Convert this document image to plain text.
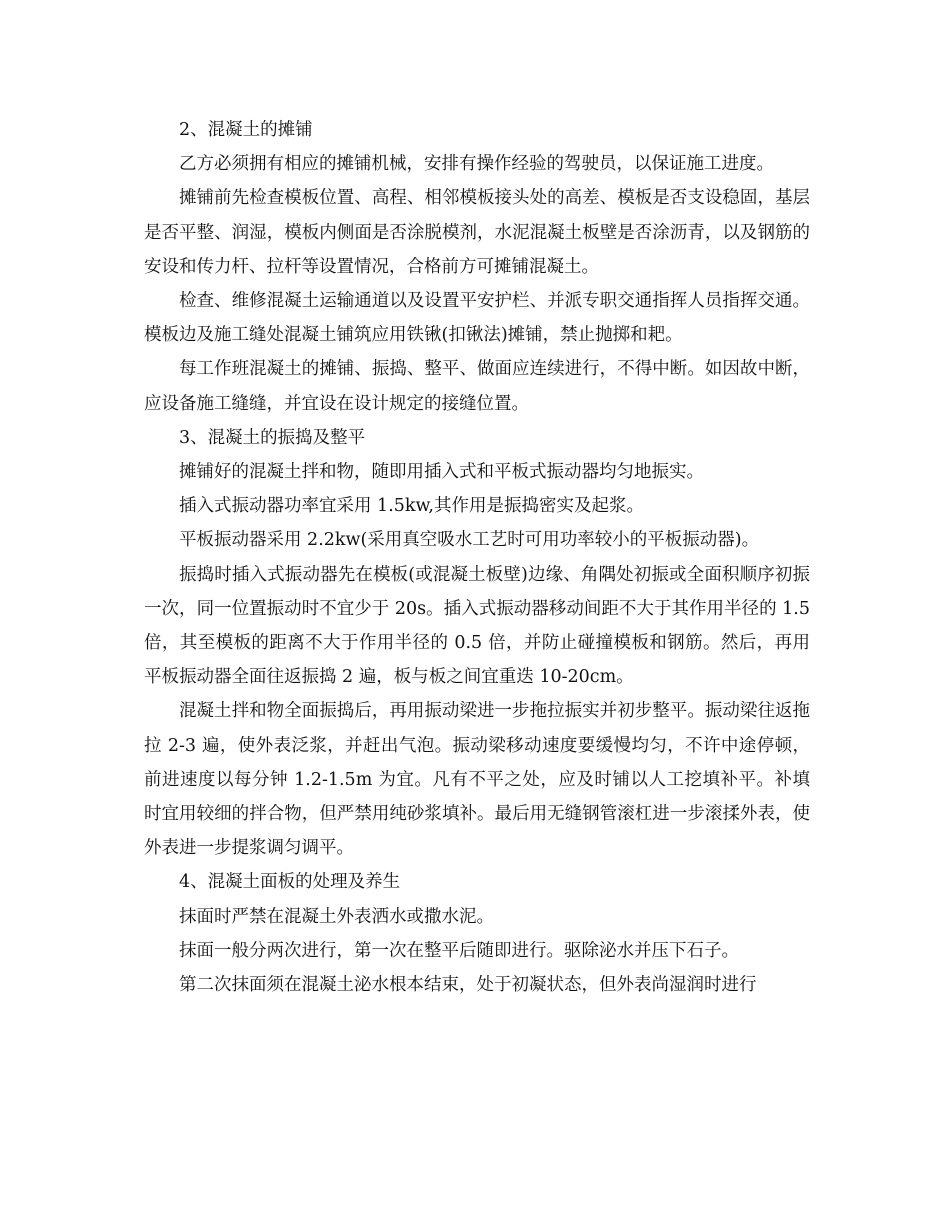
2、混凝土的摊铺

乙方必须拥有相应的摊铺机械，安排有操作经验的驾驶员，以保证施工进度。

摊铺前先检查模板位置、高程、相邻模板接头处的高差、模板是否支设稳固，基层是否平整、润湿，模板内侧面是否涂脱模剂，水泥混凝土板壁是否涂沥青，以及钢筋的安设和传力杆、拉杆等设置情况，合格前方可摊铺混凝土。

检查、维修混凝土运输通道以及设置平安护栏、并派专职交通指挥人员指挥交通。 模板边及施工缝处混凝土铺筑应用铁锹(扣锹法)摊铺，禁止抛掷和耙。

每工作班混凝土的摊铺、振捣、整平、做面应连续进行，不得中断。如因故中断，应设备施工缝缝，并宜设在设计规定的接缝位置。

3、混凝土的振捣及整平

摊铺好的混凝土拌和物，随即用插入式和平板式振动器均匀地振实。

插入式振动器功率宜采用 1.5kw,其作用是振捣密实及起浆。

平板振动器采用 2.2kw(采用真空吸水工艺时可用功率较小的平板振动器)。

振捣时插入式振动器先在模板(或混凝土板壁)边缘、角隅处初振或全面积顺序初振一次，同一位置振动时不宜少于 20s。插入式振动器移动间距不大于其作用半径的 1.5 倍，其至模板的距离不大于作用半径的 0.5 倍，并防止碰撞模板和钢筋。然后，再用平板振动器全面往返振捣 2 遍，板与板之间宜重迭 10-20cm。

混凝土拌和物全面振捣后，再用振动梁进一步拖拉振实并初步整平。振动梁往返拖拉 2-3 遍，使外表泛浆，并赶出气泡。振动梁移动速度要缓慢均匀，不许中途停顿，前进速度以每分钟 1.2-1.5m 为宜。凡有不平之处，应及时铺以人工挖填补平。补填时宜用较细的拌合物，但严禁用纯砂浆填补。最后用无缝钢管滚杠进一步滚揉外表，使外表进一步提浆调匀调平。

4、混凝土面板的处理及养生

抹面时严禁在混凝土外表洒水或撒水泥。

抹面一般分两次进行，第一次在整平后随即进行。驱除泌水并压下石子。

第二次抹面须在混凝土泌水根本结束，处于初凝状态，但外表尚湿润时进行
